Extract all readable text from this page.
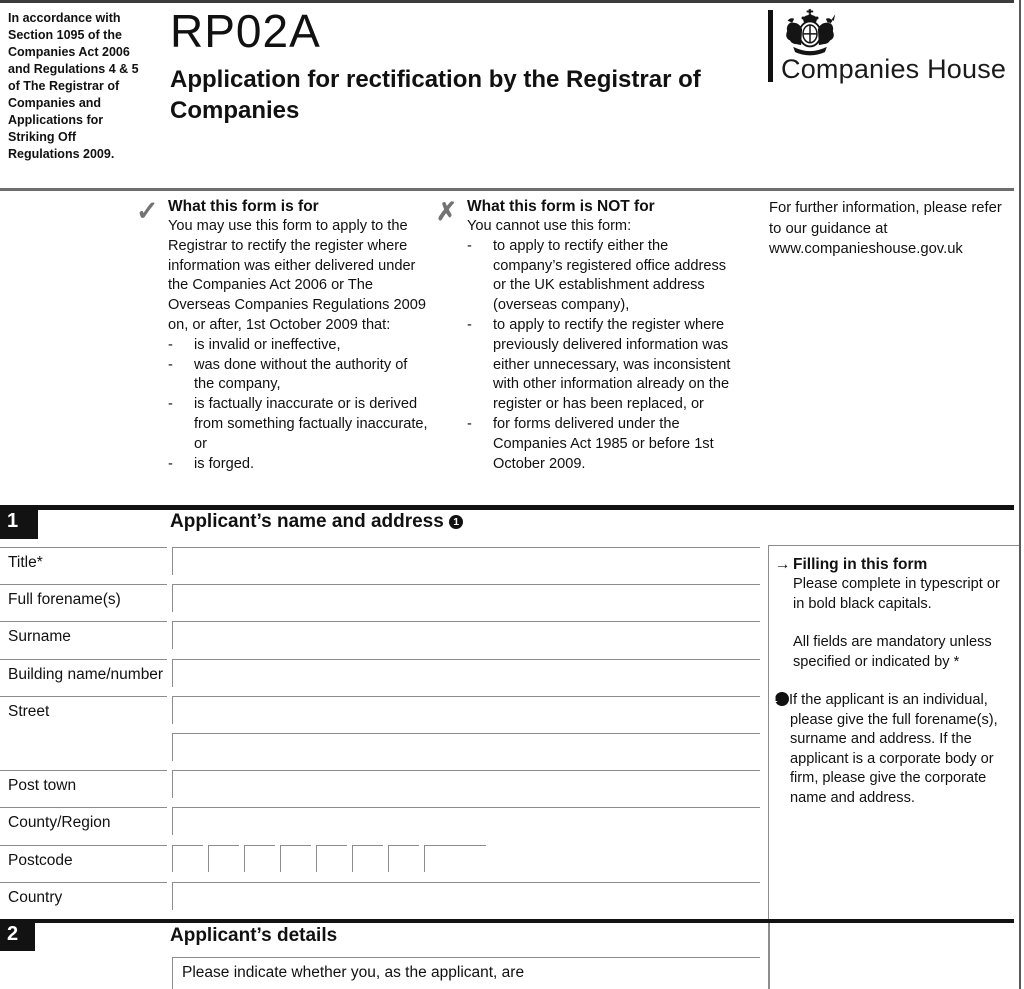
In accordance with Section 1095 of the Companies Act 2006 and Regulations 4 & 5 of The Registrar of Companies and Applications for Striking Off Regulations 2009.
RP02A
Application for rectification by the Registrar of Companies
Companies House
✓ What this form is for
You may use this form to apply to the Registrar to rectify the register where information was either delivered under the Companies Act 2006 or The Overseas Companies Regulations 2009 on, or after, 1st October 2009 that:
-	is invalid or ineffective,
-	was done without the authority of the company,
-	is factually inaccurate or is derived from something factually inaccurate, or
-	is forged.
✗ What this form is NOT for
You cannot use this form:
-	to apply to rectify either the company’s registered office address or the UK establishment address (overseas company),
-	to apply to rectify the register where previously delivered information was either unnecessary, was inconsistent with other information already on the register or has been replaced, or
-	for forms delivered under the Companies Act 1985 or before 1st October 2009.
For further information, please refer to our guidance at www.companieshouse.gov.uk
1	Applicant’s name and address 1
Title*
Full forename(s)
Surname
Building name/number
Street
Post town
County/Region
Postcode
Country
→ Filling in this form
Please complete in typescript or in bold black capitals.
All fields are mandatory unless specified or indicated by *
1 If the applicant is an individual, please give the full forename(s), surname and address. If the applicant is a corporate body or firm, please give the corporate name and address.
2	Applicant’s details
Please indicate whether you, as the applicant, are
